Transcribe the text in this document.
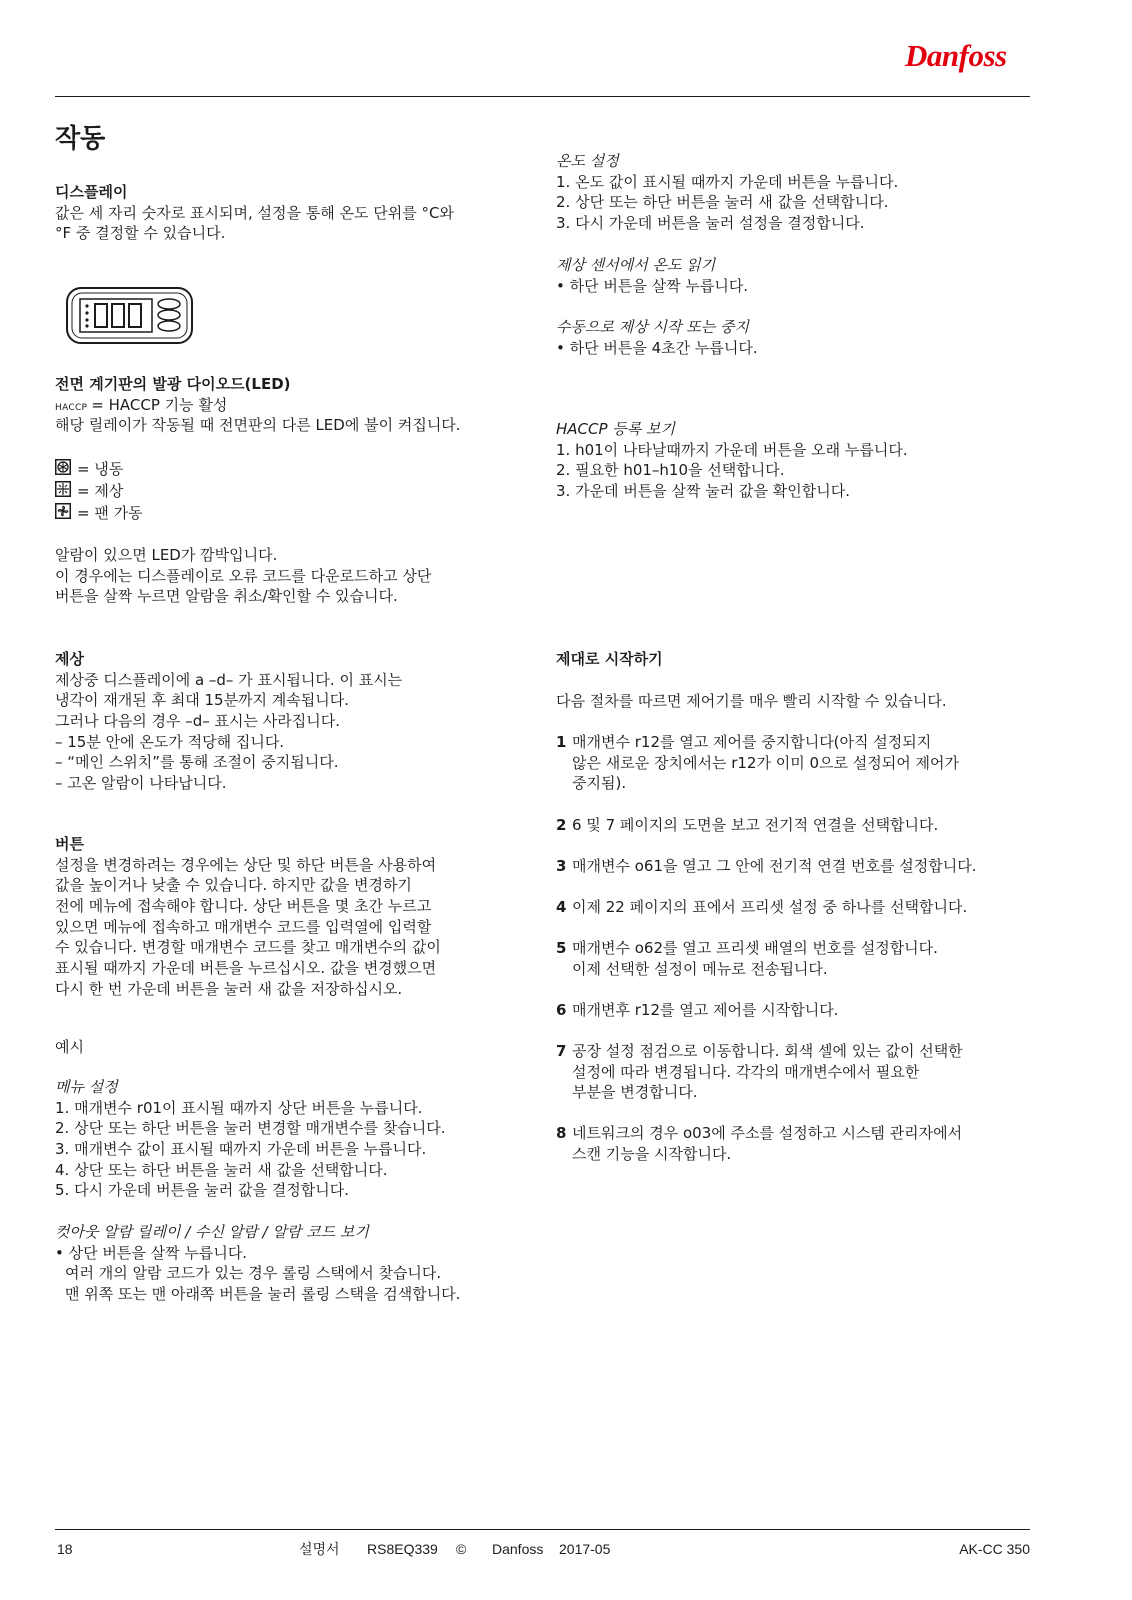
Danfoss
작동
디스플레이
값은 세 자리 숫자로 표시되며, 설정을 통해 온도 단위를 °C와
°F 중 결정할 수 있습니다.
전면 계기판의 발광 다이오드(LED)
HACCP = HACCP 기능 활성
해당 릴레이가 작동될 때 전면판의 다른 LED에 불이 켜집니다.
= 냉동
= 제상
= 팬 가동
알람이 있으면 LED가 깜박입니다.
이 경우에는 디스플레이로 오류 코드를 다운로드하고 상단
버튼을 살짝 누르면 알람을 취소/확인할 수 있습니다.
제상
제상중 디스플레이에 a –d– 가 표시됩니다. 이 표시는
냉각이 재개된 후 최대 15분까지 계속됩니다.
그러나 다음의 경우 –d– 표시는 사라집니다.
– 15분 안에 온도가 적당해 집니다.
– “메인 스위치”를 통해 조절이 중지됩니다.
– 고온 알람이 나타납니다.
버튼
설정을 변경하려는 경우에는 상단 및 하단 버튼을 사용하여
값을 높이거나 낮출 수 있습니다. 하지만 값을 변경하기
전에 메뉴에 접속해야 합니다. 상단 버튼을 몇 초간 누르고
있으면 메뉴에 접속하고 매개변수 코드를 입력열에 입력할
수 있습니다. 변경할 매개변수 코드를 찾고 매개변수의 값이
표시될 때까지 가운데 버튼을 누르십시오. 값을 변경했으면
다시 한 번 가운데 버튼을 눌러 새 값을 저장하십시오.
예시
메뉴 설정
1. 매개변수 r01이 표시될 때까지 상단 버튼을 누릅니다.
2. 상단 또는 하단 버튼을 눌러 변경할 매개변수를 찾습니다.
3. 매개변수 값이 표시될 때까지 가운데 버튼을 누릅니다.
4. 상단 또는 하단 버튼을 눌러 새 값을 선택합니다.
5. 다시 가운데 버튼을 눌러 값을 결정합니다.
컷아웃 알람 릴레이 / 수신 알람 / 알람 코드 보기
• 상단 버튼을 살짝 누릅니다.
여러 개의 알람 코드가 있는 경우 롤링 스택에서 찾습니다.
맨 위쪽 또는 맨 아래쪽 버튼을 눌러 롤링 스택을 검색합니다.
온도 설정
1. 온도 값이 표시될 때까지 가운데 버튼을 누릅니다.
2. 상단 또는 하단 버튼을 눌러 새 값을 선택합니다.
3. 다시 가운데 버튼을 눌러 설정을 결정합니다.
제상 센서에서 온도 읽기
• 하단 버튼을 살짝 누릅니다.
수동으로 제상 시작 또는 중지
• 하단 버튼을 4초간 누릅니다.
HACCP 등록 보기
1. h01이 나타날때까지 가운데 버튼을 오래 누릅니다.
2. 필요한 h01–h10을 선택합니다.
3. 가운데 버튼을 살짝 눌러 값을 확인합니다.
제대로 시작하기
다음 절차를 따르면 제어기를 매우 빨리 시작할 수 있습니다.
1 매개변수 r12를 열고 제어를 중지합니다(아직 설정되지
않은 새로운 장치에서는 r12가 이미 0으로 설정되어 제어가
중지됨).
2 6 및 7 페이지의 도면을 보고 전기적 연결을 선택합니다.
3 매개변수 o61을 열고 그 안에 전기적 연결 번호를 설정합니다.
4 이제 22 페이지의 표에서 프리셋 설정 중 하나를 선택합니다.
5 매개변수 o62를 열고 프리셋 배열의 번호를 설정합니다.
이제 선택한 설정이 메뉴로 전송됩니다.
6 매개변후 r12를 열고 제어를 시작합니다.
7 공장 설정 점검으로 이동합니다. 회색 셀에 있는 값이 선택한
설정에 따라 변경됩니다. 각각의 매개변수에서 필요한
부분을 변경합니다.
8 네트워크의 경우 o03에 주소를 설정하고 시스템 관리자에서
스캔 기능을 시작합니다.
18	설명서 RS8EQ339 © Danfoss 2017-05	AK-CC 350
